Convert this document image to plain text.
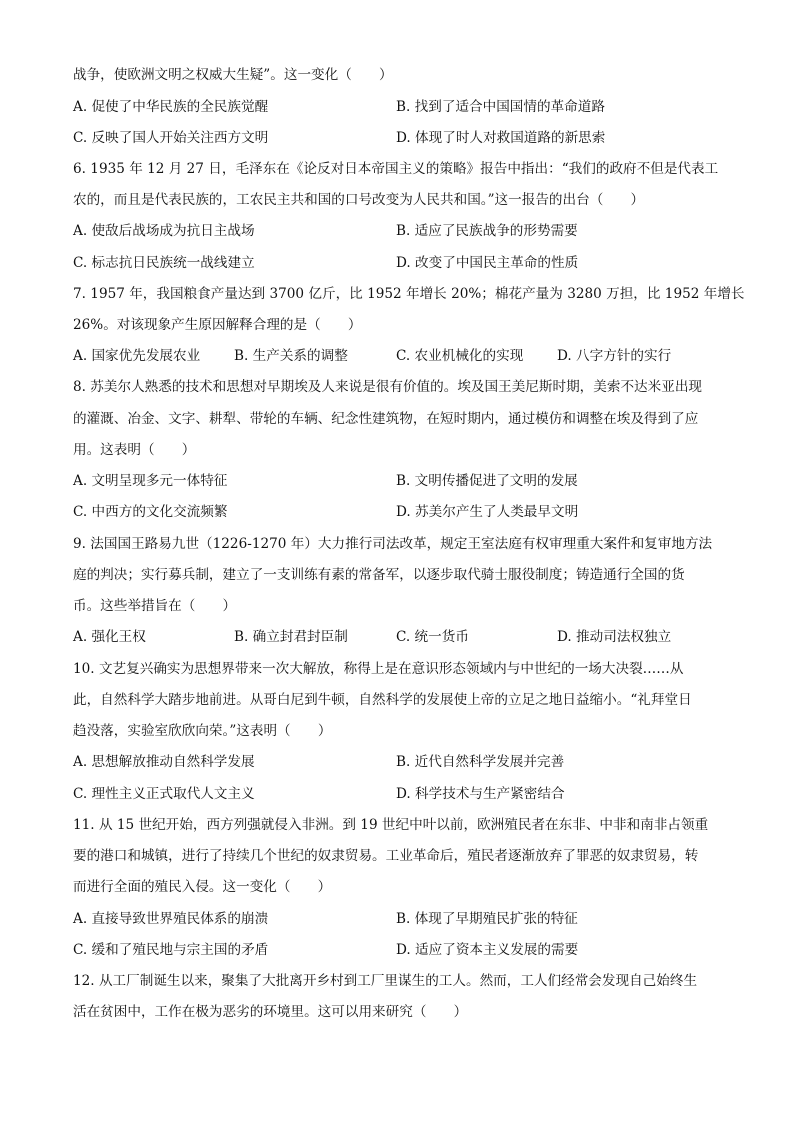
战争，使欧洲文明之权威大生疑”。这一变化（　　）
A. 促使了中华民族的全民族觉醒	B. 找到了适合中国国情的革命道路
C. 反映了国人开始关注西方文明	D. 体现了时人对救国道路的新思索
6. 1935 年 12 月 27 日，毛泽东在《论反对日本帝国主义的策略》报告中指出：“我们的政府不但是代表工
农的，而且是代表民族的，工农民主共和国的口号改变为人民共和国。”这一报告的出台（　　）
A. 使敌后战场成为抗日主战场	B. 适应了民族战争的形势需要
C. 标志抗日民族统一战线建立	D. 改变了中国民主革命的性质
7. 1957 年，我国粮食产量达到 3700 亿斤，比 1952 年增长 20%；棉花产量为 3280 万担，比 1952 年增长
26%。对该现象产生原因解释合理的是（　　）
A. 国家优先发展农业 B. 生产关系的调整	C. 农业机械化的实现 D. 八字方针的实行
8. 苏美尔人熟悉的技术和思想对早期埃及人来说是很有价值的。埃及国王美尼斯时期，美索不达米亚出现
的灌溉、冶金、文字、耕犁、带轮的车辆、纪念性建筑物，在短时期内，通过模仿和调整在埃及得到了应
用。这表明（　　）
A. 文明呈现多元一体特征	B. 文明传播促进了文明的发展
C. 中西方的文化交流频繁	D. 苏美尔产生了人类最早文明
9. 法国国王路易九世（1226-1270 年）大力推行司法改革，规定王室法庭有权审理重大案件和复审地方法
庭的判决；实行募兵制，建立了一支训练有素的常备军，以逐步取代骑士服役制度；铸造通行全国的货
币。这些举措旨在（　　）
A. 强化王权	B. 确立封君封臣制	C. 统一货币	D. 推动司法权独立
10. 文艺复兴确实为思想界带来一次大解放，称得上是在意识形态领域内与中世纪的一场大决裂……从
此，自然科学大踏步地前进。从哥白尼到牛顿，自然科学的发展使上帝的立足之地日益缩小。“礼拜堂日
趋没落，实验室欣欣向荣。”这表明（　　）
A. 思想解放推动自然科学发展	B. 近代自然科学发展并完善
C. 理性主义正式取代人文主义	D. 科学技术与生产紧密结合
11. 从 15 世纪开始，西方列强就侵入非洲。到 19 世纪中叶以前，欧洲殖民者在东非、中非和南非占领重
要的港口和城镇，进行了持续几个世纪的奴隶贸易。工业革命后，殖民者逐渐放弃了罪恶的奴隶贸易，转
而进行全面的殖民入侵。这一变化（　　）
A. 直接导致世界殖民体系的崩溃	B. 体现了早期殖民扩张的特征
C. 缓和了殖民地与宗主国的矛盾	D. 适应了资本主义发展的需要
12. 从工厂制诞生以来，聚集了大批离开乡村到工厂里谋生的工人。然而，工人们经常会发现自己始终生
活在贫困中，工作在极为恶劣的环境里。这可以用来研究（　　）
